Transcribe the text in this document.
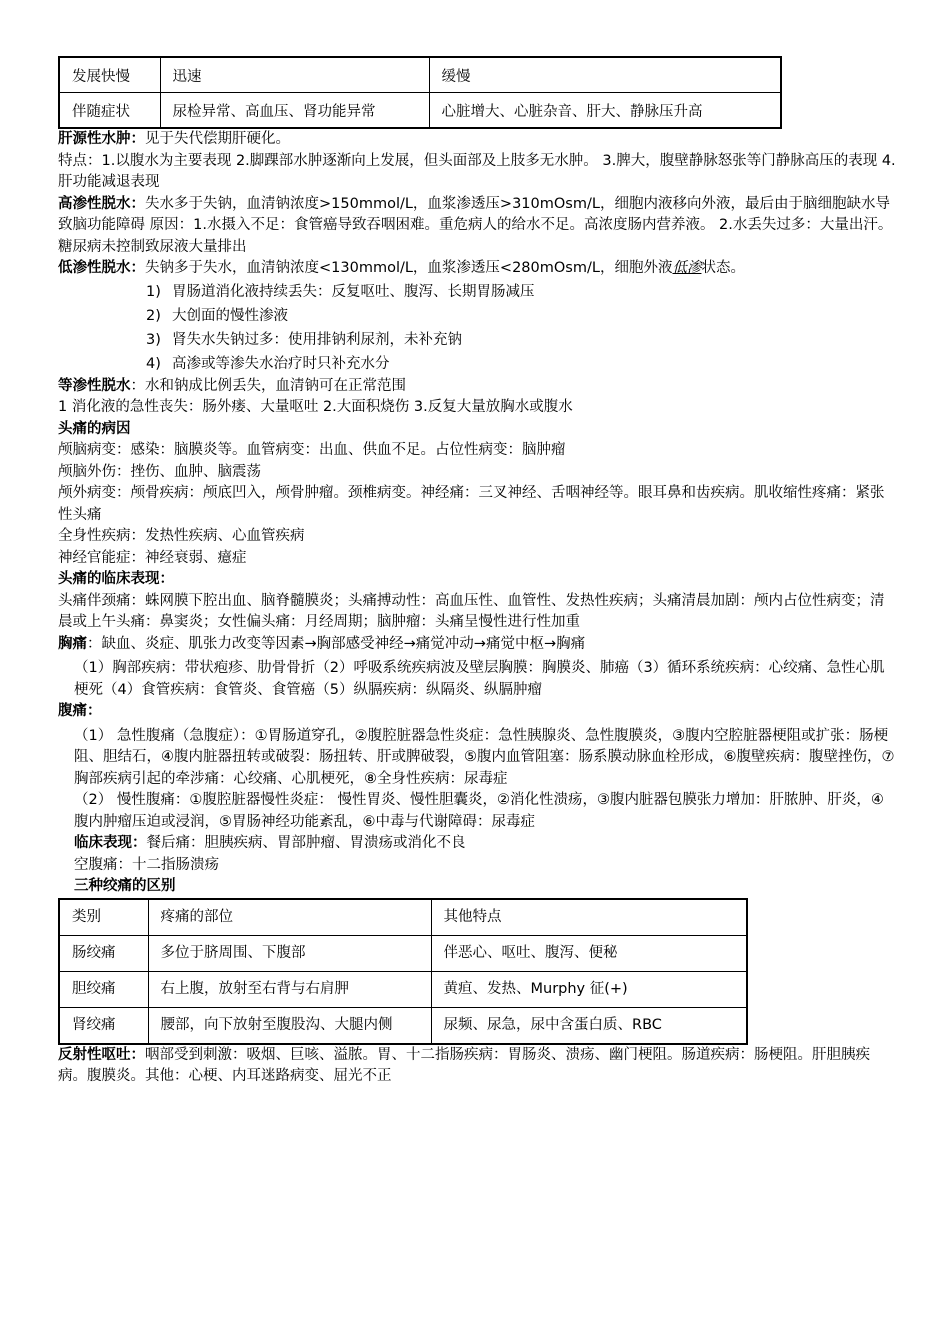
发展快慢	迅速	缓慢
伴随症状	尿检异常、高血压、肾功能异常	心脏增大、心脏杂音、肝大、静脉压升高

肝源性水肿：见于失代偿期肝硬化。

特点：1.以腹水为主要表现 2.脚踝部水肿逐渐向上发展，但头面部及上肢多无水肿。 3.脾大，腹壁静脉怒张等门静脉高压的表现 4.肝功能减退表现

高渗性脱水：失水多于失钠，血清钠浓度>150mmol/L，血浆渗透压>310mOsm/L，细胞内液移向外液，最后由于脑细胞缺水导致脑功能障碍 原因：1.水摄入不足：食管癌导致吞咽困难。重危病人的给水不足。高浓度肠内营养液。 2.水丢失过多：大量出汗。糖尿病未控制致尿液大量排出

低渗性脱水：失钠多于失水，血清钠浓度<130mmol/L，血浆渗透压<280mOsm/L，细胞外液低渗状态。

1) 胃肠道消化液持续丢失：反复呕吐、腹泻、长期胃肠减压
2) 大创面的慢性渗液
3) 肾失水失钠过多：使用排钠利尿剂，未补充钠
4) 高渗或等渗失水治疗时只补充水分

等渗性脱水：水和钠成比例丢失，血清钠可在正常范围

1 消化液的急性丧失：肠外瘘、大量呕吐 2.大面积烧伤 3.反复大量放胸水或腹水

头痛的病因

颅脑病变：感染：脑膜炎等。血管病变：出血、供血不足。占位性病变：脑肿瘤

颅脑外伤：挫伤、血肿、脑震荡

颅外病变：颅骨疾病：颅底凹入，颅骨肿瘤。颈椎病变。神经痛：三叉神经、舌咽神经等。眼耳鼻和齿疾病。肌收缩性疼痛：紧张性头痛

全身性疾病：发热性疾病、心血管疾病

神经官能症：神经衰弱、癔症

头痛的临床表现：

头痛伴颈痛：蛛网膜下腔出血、脑脊髓膜炎；头痛搏动性：高血压性、血管性、发热性疾病；头痛清晨加剧：颅内占位性病变；清晨或上午头痛：鼻窦炎；女性偏头痛：月经周期；脑肿瘤：头痛呈慢性进行性加重

胸痛：缺血、炎症、肌张力改变等因素→胸部感受神经→痛觉冲动→痛觉中枢→胸痛

（1）胸部疾病：带状疱疹、肋骨骨折（2）呼吸系统疾病波及壁层胸膜：胸膜炎、肺癌（3）循环系统疾病：心绞痛、急性心肌梗死（4）食管疾病：食管炎、食管癌（5）纵膈疾病：纵隔炎、纵膈肿瘤

腹痛：

（1） 急性腹痛（急腹症）：①胃肠道穿孔，②腹腔脏器急性炎症：急性胰腺炎、急性腹膜炎，③腹内空腔脏器梗阻或扩张：肠梗阻、胆结石，④腹内脏器扭转或破裂：肠扭转、肝或脾破裂，⑤腹内血管阻塞：肠系膜动脉血栓形成，⑥腹壁疾病：腹壁挫伤，⑦胸部疾病引起的牵涉痛：心绞痛、心肌梗死，⑧全身性疾病：尿毒症

（2） 慢性腹痛：①腹腔脏器慢性炎症： 慢性胃炎、慢性胆囊炎，②消化性溃疡，③腹内脏器包膜张力增加：肝脓肿、肝炎，④腹内肿瘤压迫或浸润，⑤胃肠神经功能紊乱，⑥中毒与代谢障碍：尿毒症

临床表现：餐后痛：胆胰疾病、胃部肿瘤、胃溃疡或消化不良

空腹痛：十二指肠溃疡

三种绞痛的区别

类别	疼痛的部位	其他特点
肠绞痛	多位于脐周围、下腹部	伴恶心、呕吐、腹泻、便秘
胆绞痛	右上腹，放射至右背与右肩胛	黄疸、发热、Murphy 征(+)
肾绞痛	腰部，向下放射至腹股沟、大腿内侧	尿频、尿急，尿中含蛋白质、RBC

反射性呕吐：咽部受到刺激：吸烟、巨咳、溢脓。胃、十二指肠疾病：胃肠炎、溃疡、幽门梗阻。肠道疾病：肠梗阻。肝胆胰疾病。腹膜炎。其他：心梗、内耳迷路病变、屈光不正
